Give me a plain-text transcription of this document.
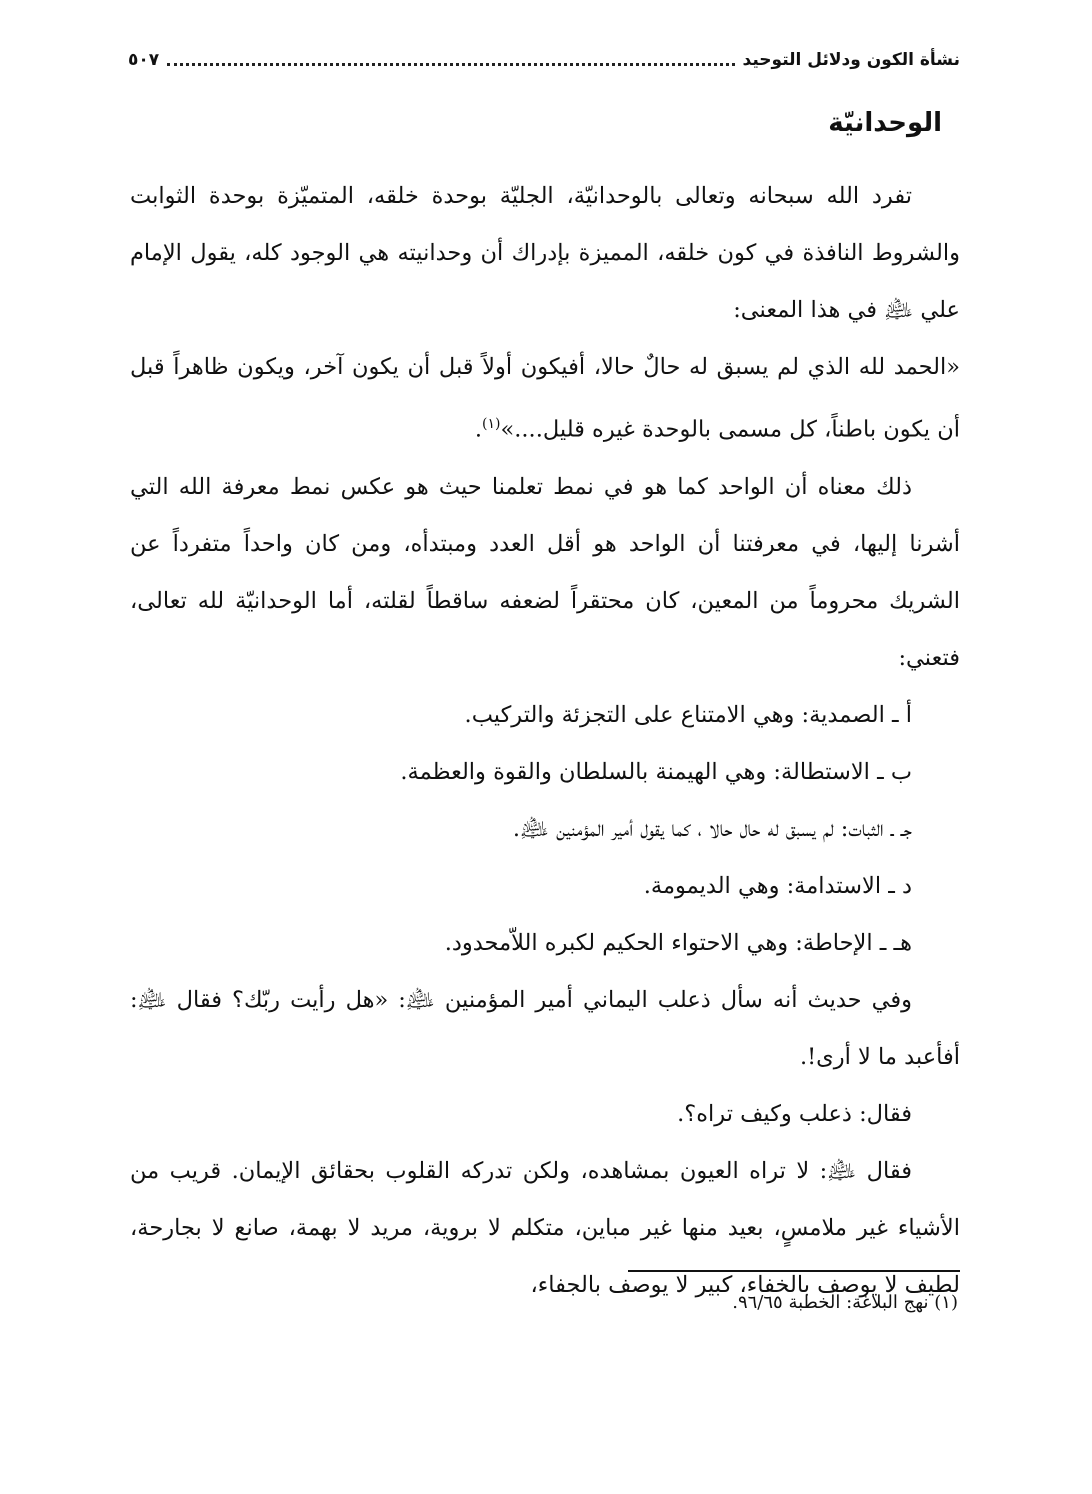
نشأة الكون ودلائل التوحيد
٥٠٧
الوحدانيّة

تفرد الله سبحانه وتعالى بالوحدانيّة، الجليّة بوحدة خلقه، المتميّزة بوحدة الثوابت والشروط النافذة في كون خلقه، المميزة بإدراك أن وحدانيته هي الوجود كله، يقول الإمام علي ﵇ في هذا المعنى:

«الحمد لله الذي لم يسبق له حالٌ حالا، أفيكون أولاً قبل أن يكون آخر، ويكون ظاهراً قبل أن يكون باطناً، كل مسمى بالوحدة غيره قليل....»$^{(١)}$.

ذلك معناه أن الواحد كما هو في نمط تعلمنا حيث هو عكس نمط معرفة الله التي أشرنا إليها، في معرفتنا أن الواحد هو أقل العدد ومبتدأه، ومن كان واحداً متفرداً عن الشريك محروماً من المعين، كان محتقراً لضعفه ساقطاً لقلته، أما الوحدانيّة لله تعالى، فتعني:

أ ـ الصمدية: وهي الامتناع على التجزئة والتركيب.

ب ـ الاستطالة: وهي الهيمنة بالسلطان والقوة والعظمة.

جـ ـ الثبات: لم يسبق له حال حالا ، كما يقول أمير المؤمنين ﵇.

د ـ الاستدامة: وهي الديمومة.

هـ ـ الإحاطة: وهي الاحتواء الحكيم لكبره اللاّمحدود.

وفي حديث أنه سأل ذعلب اليماني أمير المؤمنين ﵇: «هل رأيت ربّك؟ فقال ﵇: أفأعبد ما لا أرى!.

فقال: ذعلب وكيف تراه؟.

فقال ﵇: لا تراه العيون بمشاهده، ولكن تدركه القلوب بحقائق الإيمان. قريب من الأشياء غير ملامسٍ، بعيد منها غير مباين، متكلم لا بروية، مريد لا بهمة، صانع لا بجارحة، لطيف لا يوصف بالخفاء، كبير لا يوصف بالجفاء،

(١) نهج البلاغة: الخطبة ٩٦/٦٥.
